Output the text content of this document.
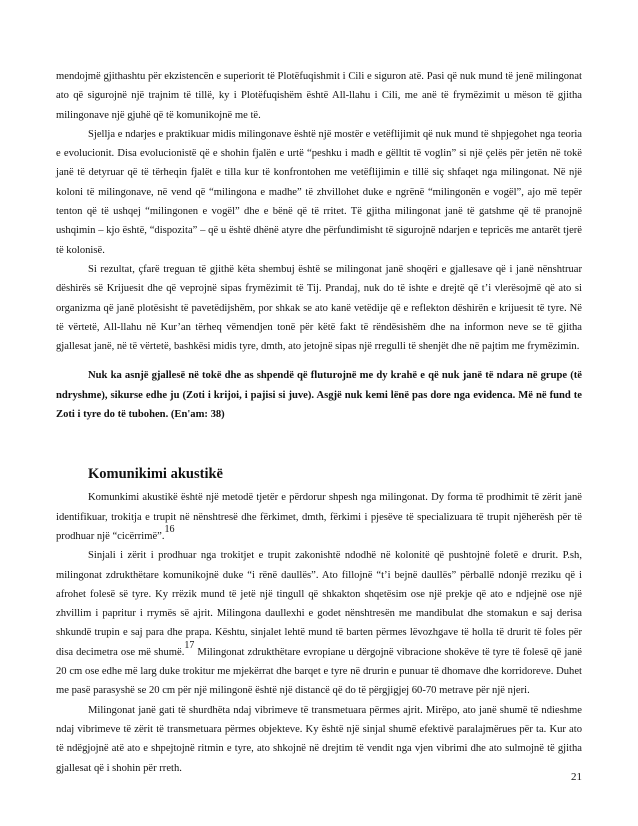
mendojmë gjithashtu për ekzistencën e superiorit të Plotëfuqishmit i Cili e siguron atë. Pasi që nuk mund të jenë milingonat ato që sigurojnë një trajnim të tillë, ky i Plotëfuqishëm është All-llahu i Cili, me anë të frymëzimit u mëson të gjitha milingonave një gjuhë që të komunikojnë me të.

Sjellja e ndarjes e praktikuar midis milingonave është një mostër e vetëflijimit që nuk mund të shpjegohet nga teoria e evolucionit. Disa evolucionistë që e shohin fjalën e urtë “peshku i madh e gëlltit të voglin” si një çelës për jetën në tokë janë të detyruar që të tërheqin fjalët e tilla kur të konfrontohen me vetëflijimin e tillë siç shfaqet nga milingonat. Në një koloni të milingonave, në vend që “milingona e madhe” të zhvillohet duke e ngrënë “milingonën e vogël”, ajo më tepër tenton që të ushqej “milingonen e vogël” dhe e bënë që të rritet. Të gjitha milingonat janë të gatshme që të pranojnë ushqimin – kjo është, “dispozita” – që u është dhënë atyre dhe përfundimisht të sigurojnë ndarjen e tepricës me antarët tjerë të kolonisë.

Si rezultat, çfarë treguan të gjithë këta shembuj është se milingonat janë shoqëri e gjallesave që i janë nënshtruar dëshirës së Krijuesit dhe që veprojnë sipas frymëzimit të Tij. Prandaj, nuk do të ishte e drejtë që t’i vlerësojmë që ato si organizma që janë plotësisht të pavetëdijshëm, por shkak se ato kanë vetëdije që e reflekton dëshirën e krijuesit të tyre. Në të vërtetë, All-llahu në Kur’an tërheq vëmendjen tonë për këtë fakt të rëndësishëm dhe na informon neve se të gjitha gjallesat janë, në të vërtetë, bashkësi midis tyre, dmth, ato jetojnë sipas një rregulli të shenjët dhe në pajtim me frymëzimin.

Nuk ka asnjë gjallesë në tokë dhe as shpendë që fluturojnë me dy krahë e që nuk janë të ndara në grupe (të ndryshme), sikurse edhe ju (Zoti i krijoi, i pajisi si juve). Asgjë nuk kemi lënë pas dore nga evidenca. Më në fund te Zoti i tyre do të tubohen. (En'am: 38)

Komunikimi akustikë

Komunkimi akustikë është një metodë tjetër e përdorur shpesh nga milingonat. Dy forma të prodhimit të zërit janë identifikuar, trokitja e trupit në nënshtresë dhe fërkimet, dmth, fërkimi i pjesëve të specializuara të trupit njëherësh për të prodhuar një “cicërrimë”.$^{16}$

Sinjali i zërit i prodhuar nga trokitjet e trupit zakonishtë ndodhë në kolonitë që pushtojnë foletë e drurit. P.sh, milingonat zdrukthëtare komunikojnë duke “i rënë daullës”. Ato fillojnë “t’i bejnë daullës” përballë ndonjë rreziku që i afrohet folesë së tyre. Ky rrëzik mund të jetë një tingull që shkakton shqetësim ose një prekje që ato e ndjejnë ose një zhvillim i papritur i rrymës së ajrit. Milingona daullexhi e godet nënshtresën me mandibulat dhe stomakun e saj derisa shkundë trupin e saj para dhe prapa. Kështu, sinjalet lehtë mund të barten përmes lëvozhgave të holla të drurit të foles për disa decimetra ose më shumë.$^{17}$ Milingonat zdrukthëtare evropiane u dërgojnë vibracione shokëve të tyre të folesë që janë 20 cm ose edhe më larg duke trokitur me mjekërrat dhe barqet e tyre në drurin e punuar të dhomave dhe korridoreve. Duhet me pasë parasyshë se 20 cm për një milingonë është një distancë që do të përgjigjej 60-70 metrave për një njeri.

Milingonat janë gati të shurdhëta ndaj vibrimeve të transmetuara përmes ajrit. Mirëpo, ato janë shumë të ndieshme ndaj vibrimeve të zërit të transmetuara përmes objekteve. Ky është një sinjal shumë efektivë paralajmërues për ta. Kur ato të ndëgjojnë atë ato e shpejtojnë ritmin e tyre, ato shkojnë në drejtim të vendit nga vjen vibrimi dhe ato sulmojnë të gjitha gjallesat që i shohin për rreth.

21
